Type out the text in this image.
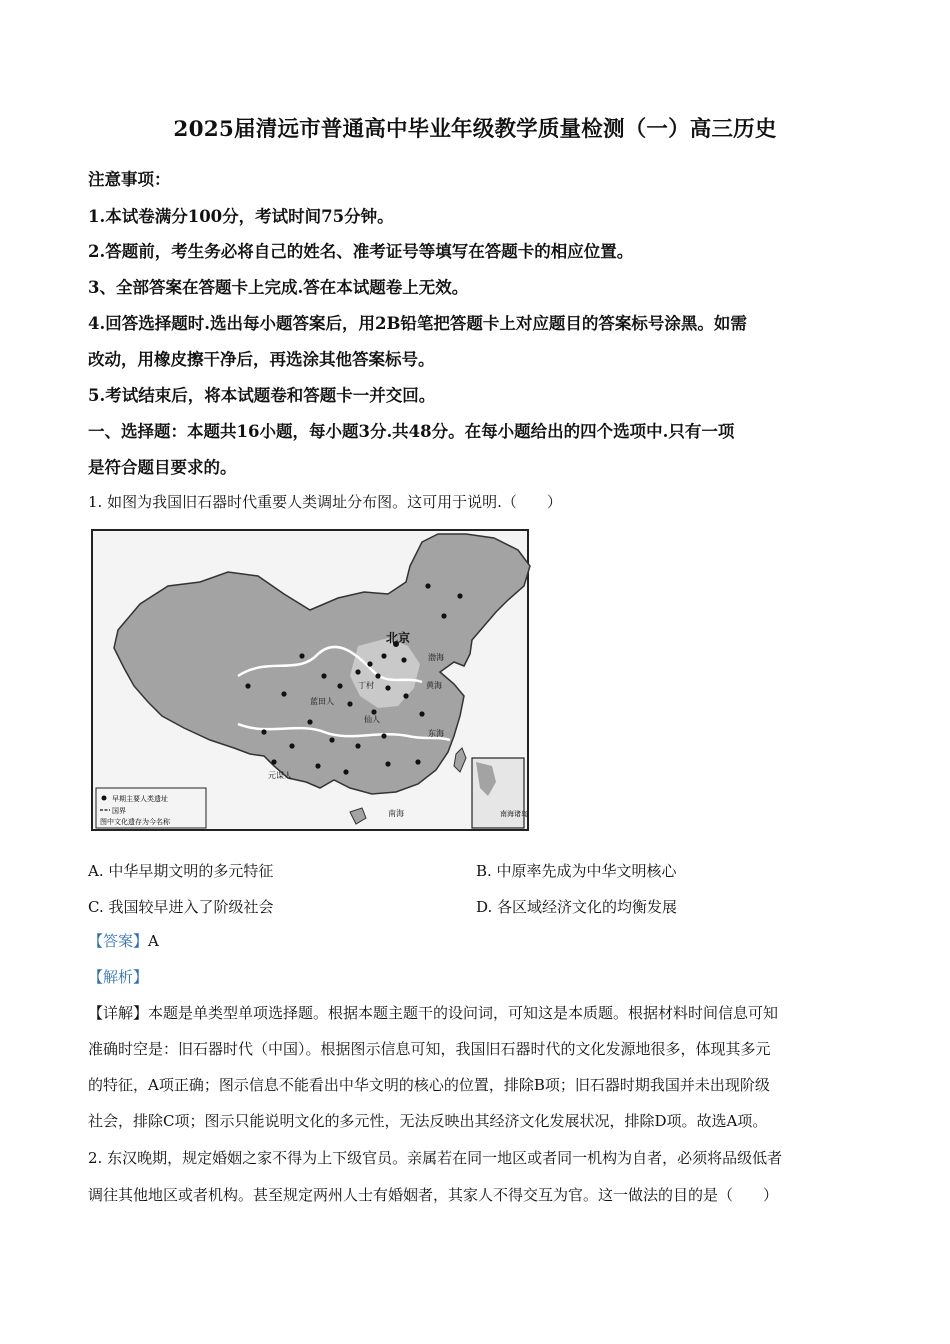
2025届清远市普通高中毕业年级教学质量检测（一）高三历史
注意事项：
1.本试卷满分100分，考试时间75分钟。
2.答题前，考生务必将自己的姓名、准考证号等填写在答题卡的相应位置。
3、全部答案在答题卡上完成.答在本试题卷上无效。
4.回答选择题时.选出每小题答案后，用2B铅笔把答题卡上对应题目的答案标号涂黑。如需
改动，用橡皮擦干净后，再选涂其他答案标号。
5.考试结束后，将本试题卷和答题卡一并交回。
一、选择题：本题共16小题，每小题3分.共48分。在每小题给出的四个选项中.只有一项
是符合题目要求的。
1. 如图为我国旧石器时代重要人类调址分布图。这可用于说明.（　　）
北京
丁村
蓝田人
元谋人
东海
南海
黄海
渤海
仙人
南海诸岛
早期主要人类遗址
国界
图中文化遗存为今名称
A. 中华早期文明的多元特征	B. 中原率先成为中华文明核心
C. 我国较早进入了阶级社会	D. 各区域经济文化的均衡发展
【答案】A
【解析】
【详解】本题是单类型单项选择题。根据本题主题干的设问词，可知这是本质题。根据材料时间信息可知
准确时空是：旧石器时代（中国）。根据图示信息可知，我国旧石器时代的文化发源地很多，体现其多元
的特征，A项正确；图示信息不能看出中华文明的核心的位置，排除B项；旧石器时期我国并未出现阶级
社会，排除C项；图示只能说明文化的多元性，无法反映出其经济文化发展状况，排除D项。故选A项。
2. 东汉晚期，规定婚姻之家不得为上下级官员。亲属若在同一地区或者同一机构为自者，必须将品级低者
调往其他地区或者机构。甚至规定两州人士有婚姻者，其家人不得交互为官。这一做法的目的是（　　）
